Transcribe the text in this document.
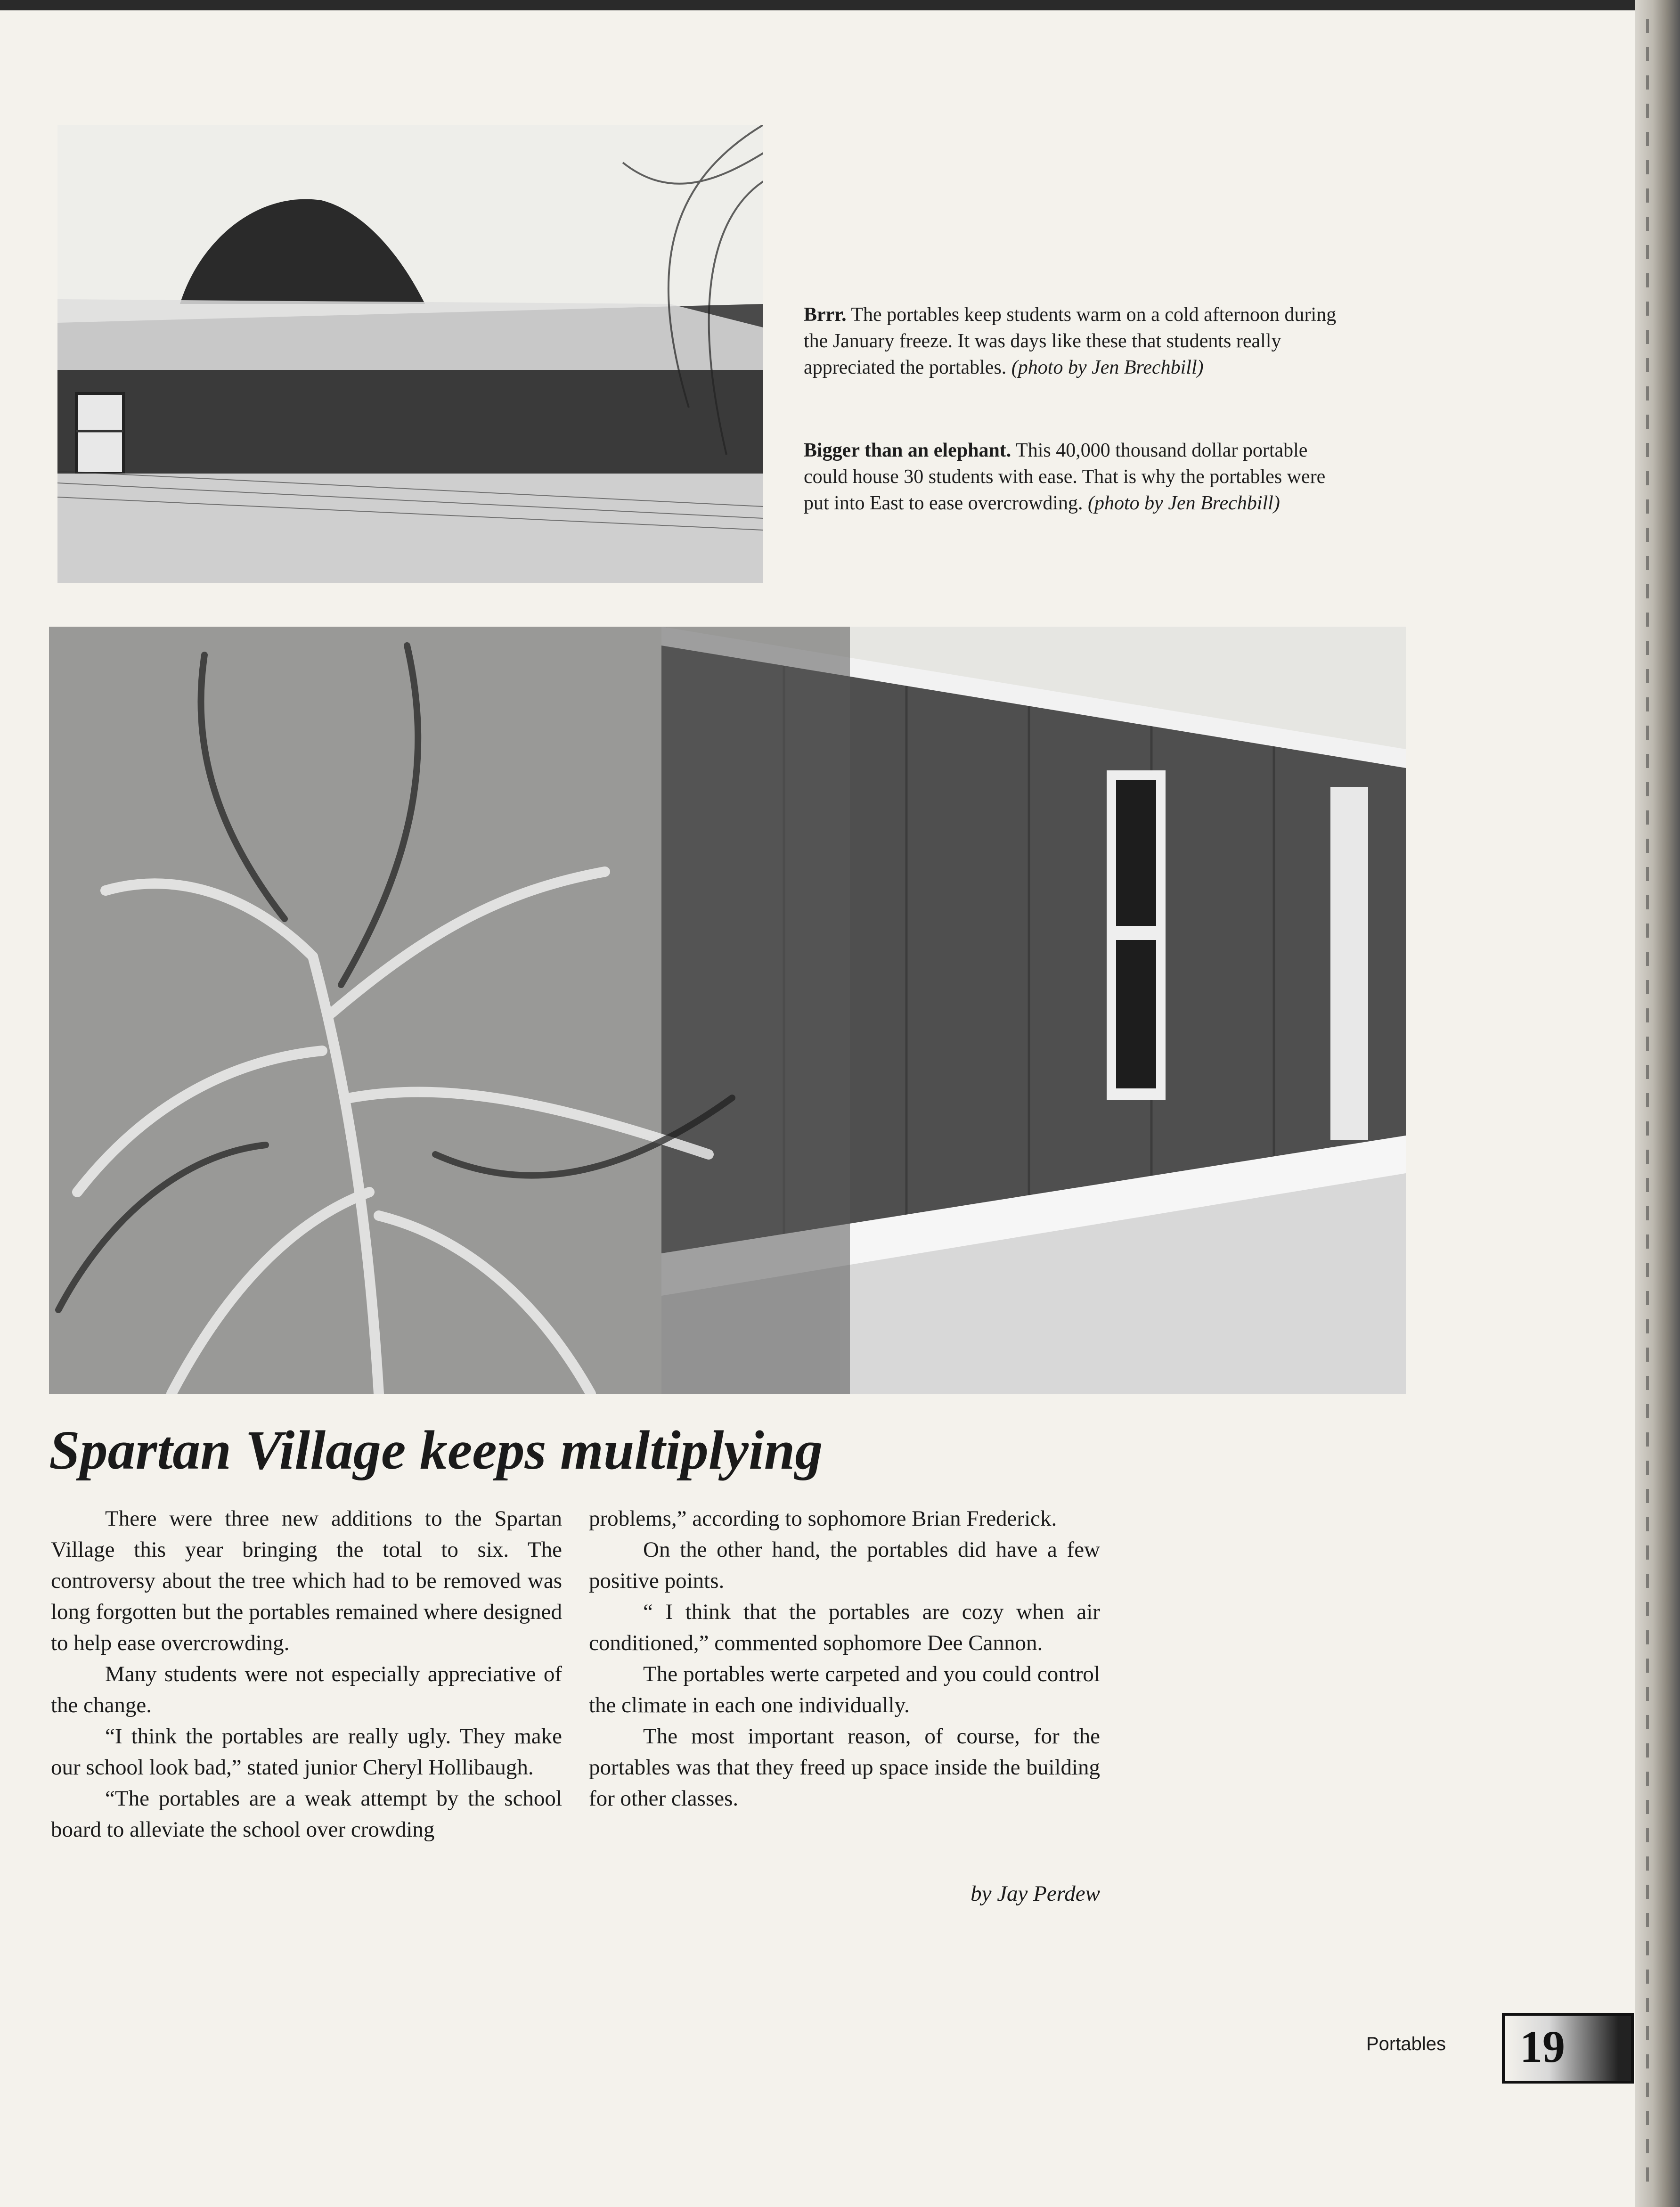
Brrr. The portables keep students warm on a cold afternoon during the January freeze. It was days like these that students really appreciated the portables. (photo by Jen Brechbill)
Bigger than an elephant. This 40,000 thousand dollar portable could house 30 students with ease. That is why the portables were put into East to ease overcrowding. (photo by Jen Brechbill)
Spartan Village keeps multiplying

There were three new additions to the Spartan Village this year bringing the total to six. The controversy about the tree which had to be removed was long forgotten but the portables remained where designed to help ease overcrowding.

Many students were not especially appreciative of the change.

“I think the portables are really ugly. They make our school look bad,” stated junior Cheryl Hollibaugh.

“The portables are a weak attempt by the school board to alleviate the school over crowding

problems,” according to sophomore Brian Frederick.

On the other hand, the portables did have a few positive points.

“ I think that the portables are cozy when air conditioned,” commented sophomore Dee Cannon.

The portables werte carpeted and you could control the climate in each one individually.

The most important reason, of course, for the portables was that they freed up space inside the building for other classes.

by Jay Perdew
Portables 19
